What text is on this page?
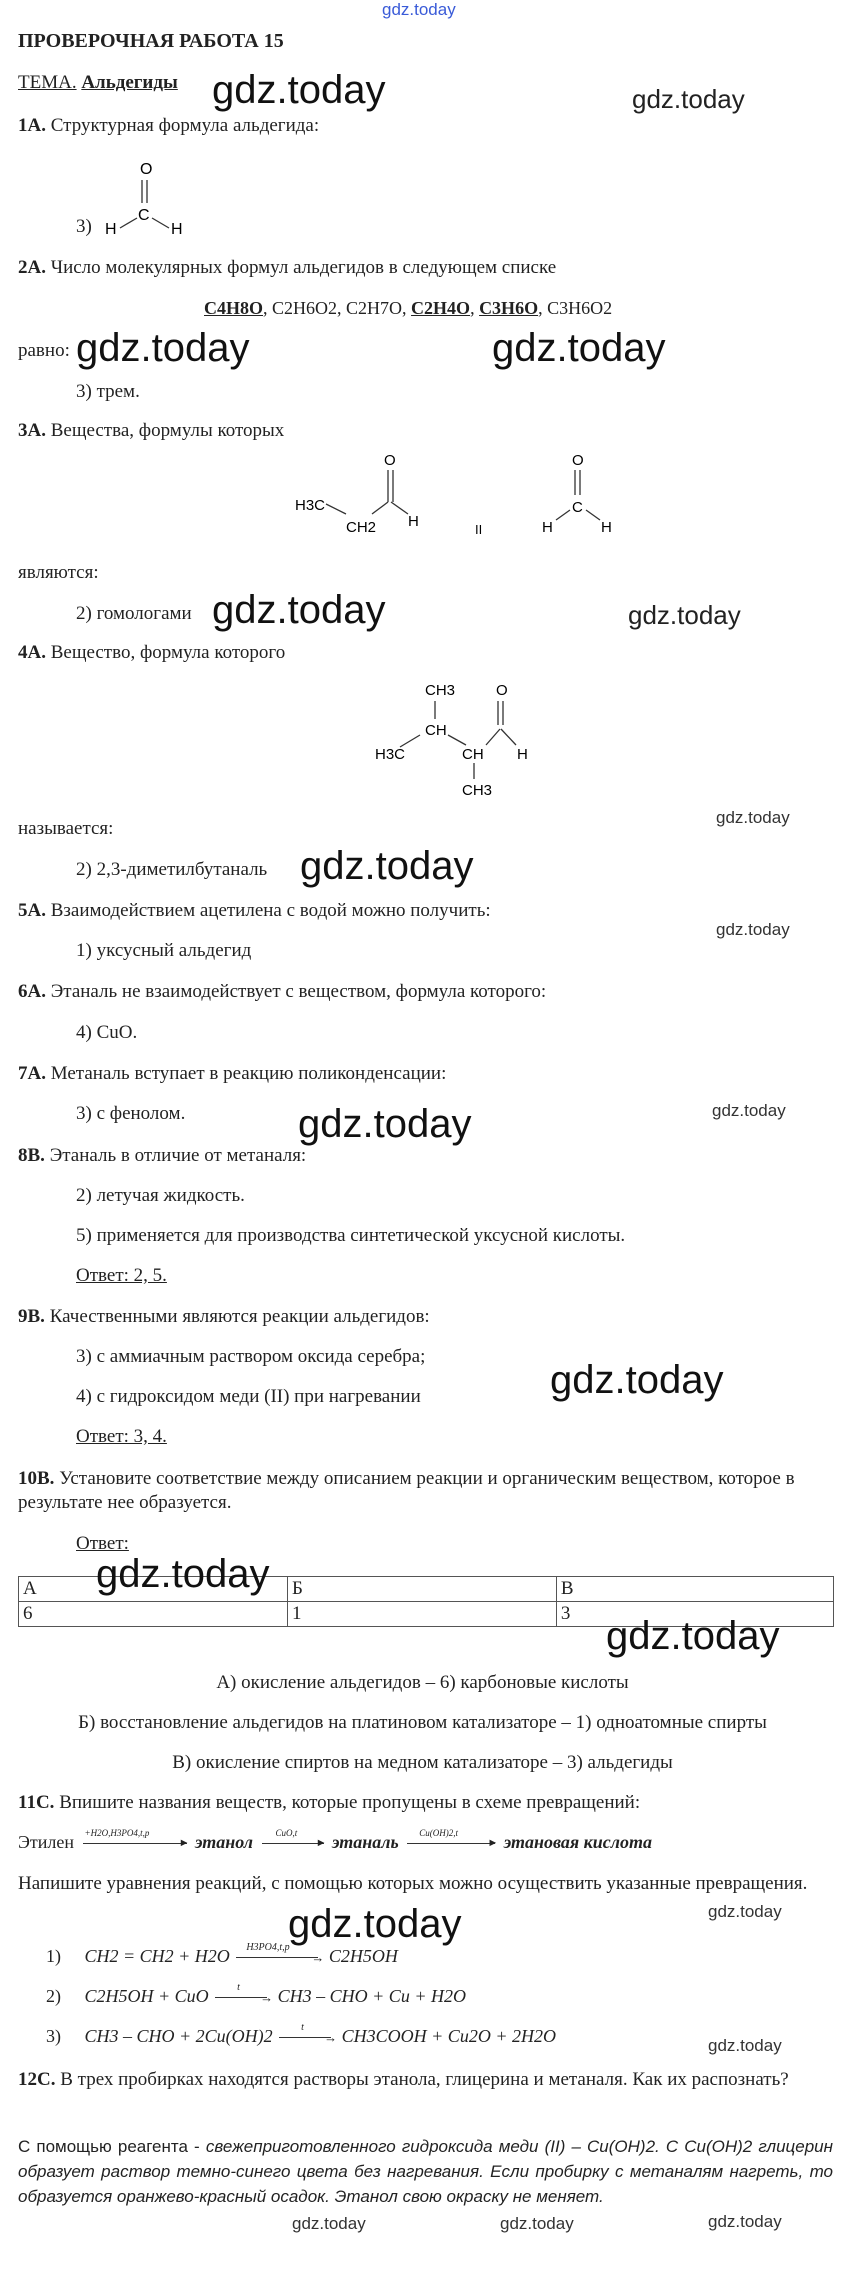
gdz.today
ПРОВЕРОЧНАЯ РАБОТА 15
ТЕМА. Альдегиды gdz.today	gdz.today
1A. Структурная формула альдегида:
3)
O
C
H	H
2A. Число молекулярных формул альдегидов в следующем списке
C4H8O, C2H6O2, C2H7O, C2H4O, C3H6O, C3H6O2
равно: gdz.today	gdz.today
3) трем.
3A. Вещества, формулы которых
H3C
CH2
O
H	II
O
C
H	H
являются:
2) гомологами gdz.today	gdz.today
4A. Вещество, формула которого
CH3	O
CH
H3C	CH H
CH3
gdz.today
называется:
2) 2,3-диметилбутаналь gdz.today
5A. Взаимодействием ацетилена с водой можно получить:
gdz.today
1) уксусный альдегид
6A. Этаналь не взаимодействует с веществом, формула которого:
4) CuO.
7A. Метаналь вступает в реакцию поликонденсации:
3) с фенолом.	gdz.today	gdz.today
8B. Этаналь в отличие от метаналя:
2) летучая жидкость.
5) применяется для производства синтетической уксусной кислоты.
Ответ: 2, 5.
9B. Качественными являются реакции альдегидов:
3) с аммиачным раствором оксида серебра;
4) с гидроксидом меди (II) при нагревании	gdz.today
Ответ: 3, 4.
10B. Установите соответствие между описанием реакции и органическим веществом, которое в результате нее образуется.
Ответ:
А	Б	В
6	1	3
gdz.today
gdz.today
А) окисление альдегидов – 6) карбоновые кислоты
Б) восстановление альдегидов на платиновом катализаторе – 1) одноатомные спирты
В) окисление спиртов на медном катализаторе – 3) альдегиды
11C. Впишите названия веществ, которые пропущены в схеме превращений:
Этилен +H2O,H3PO4,t,p
► этанол	CuO,t
► этаналь Cu(OH)2,t
► этановая кислота
Напишите уравнения реакций, с помощью которых можно осуществить указанные превращения.
gdz.today	gdz.today
1) CH2 = CH2 + H2O H3PO4,t,p
→ C2H5OH
2) C2H5OH + CuO	t
→ CH3 – CHO + Cu + H2O
3) CH3 – CHO + 2Cu(OH)2	t
→ CH3COOH + Cu2O + 2H2O	gdz.today
12C. В трех пробирках находятся растворы этанола, глицерина и метаналя. Как их распознать?
С помощью реагента - свежеприготовленного гидроксида меди (II) – Cu(OH)2. С Cu(OH)2 глицерин образует раствор темно-синего цвета без нагревания. Если пробирку с метаналям нагреть, то образуется оранжево-красный осадок. Этанол свою окраску не меняет.
gdz.today	gdz.today	gdz.today
